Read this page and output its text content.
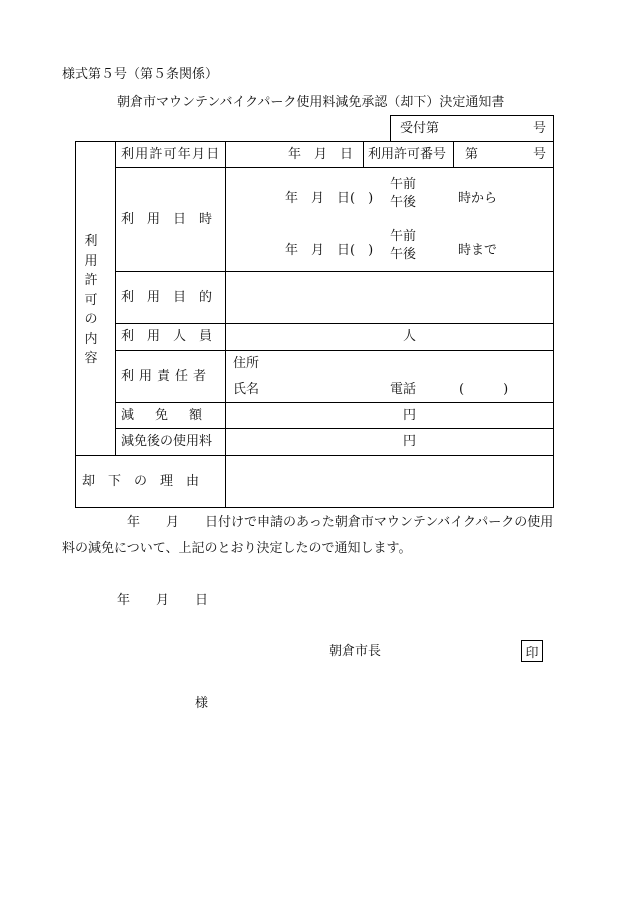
様式第５号（第５条関係）
朝倉市マウンテンバイクパーク使用料減免承認（却下）決定通知書
受付第	号
利用許可年月日	年　月　日 利用許可番号 第	号
利
用
許
可
の
内
容
利　用　日　時
年　月　日(　)
午前
午後	時から
年　月　日(　)
午前
午後	時まで
利　用　目　的
利　用　人　員	人
利用責任者
住所
氏名	電話	(　　　)
減　免　額	円
減免後の使用料	円
却　下　の　理　由
年　　月　　日付けで申請のあった朝倉市マウンテンバイクパークの使用
料の減免について、上記のとおり決定したので通知します。
年　　月　　日
朝倉市長	印
様
